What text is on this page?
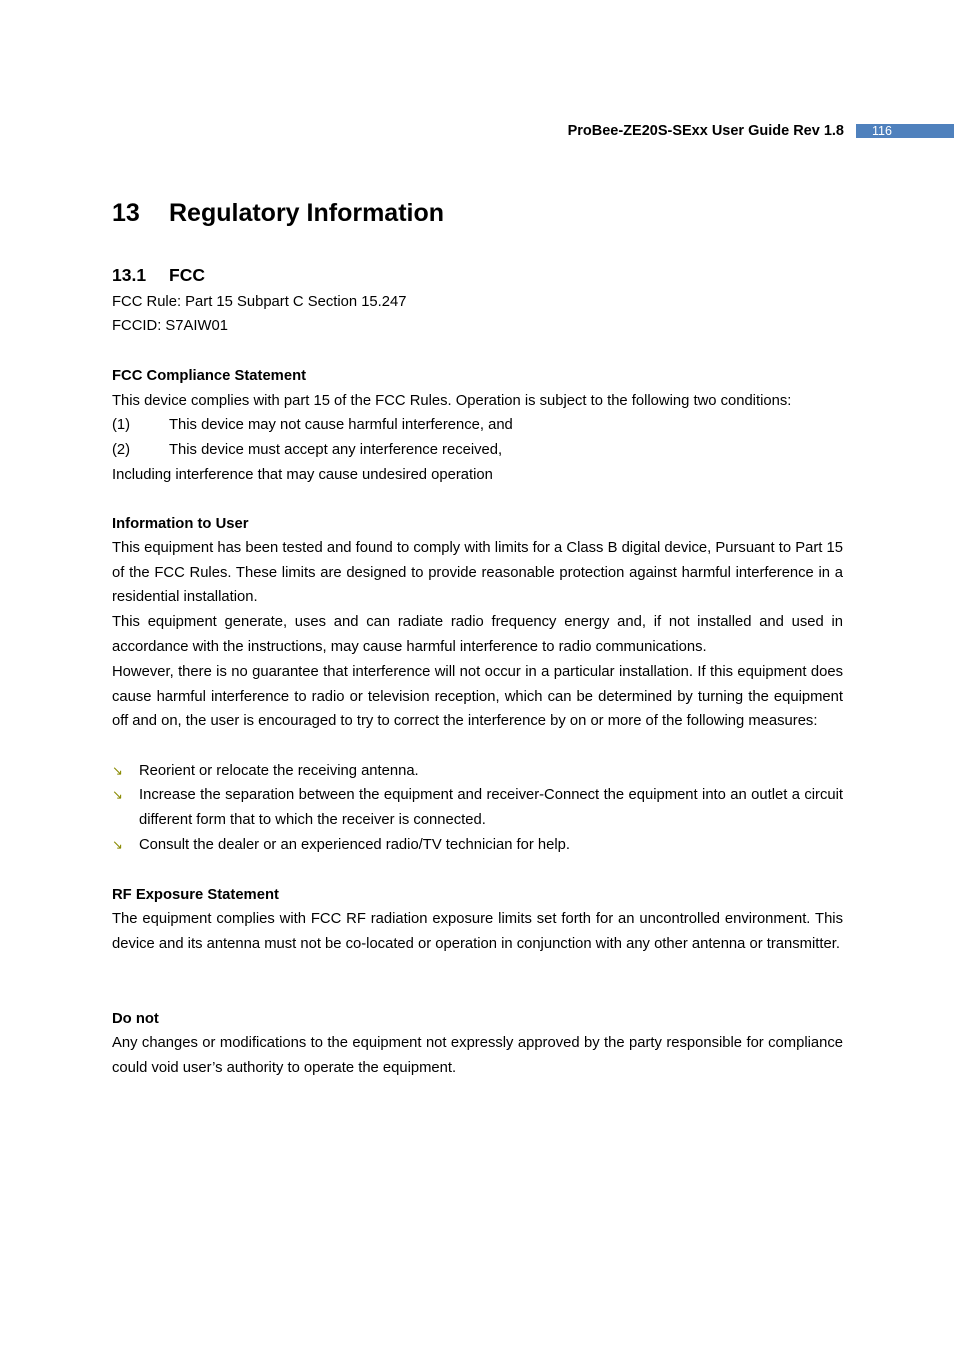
ProBee-ZE20S-SExx User Guide Rev 1.8	116
13 Regulatory Information
13.1 FCC
FCC Rule: Part 15 Subpart C Section 15.247
FCCID: S7AIW01
FCC Compliance Statement
This device complies with part 15 of the FCC Rules. Operation is subject to the following two conditions:
(1)	This device may not cause harmful interference, and
(2)	This device must accept any interference received,
Including interference that may cause undesired operation
Information to User
This equipment has been tested and found to comply with limits for a Class B digital device, Pursuant to Part 15 of the FCC Rules. These limits are designed to provide reasonable protection against harmful interference in a residential installation.
This equipment generate, uses and can radiate radio frequency energy and, if not installed and used in accordance with the instructions, may cause harmful interference to radio communications.
However, there is no guarantee that interference will not occur in a particular installation. If this equipment does cause harmful interference to radio or television reception, which can be determined by turning the equipment off and on, the user is encouraged to try to correct the interference by on or more of the following measures:
↘ Reorient or relocate the receiving antenna.
↘ Increase the separation between the equipment and receiver-Connect the equipment into an outlet a circuit different form that to which the receiver is connected.
↘ Consult the dealer or an experienced radio/TV technician for help.
RF Exposure Statement
The equipment complies with FCC RF radiation exposure limits set forth for an uncontrolled environment. This device and its antenna must not be co-located or operation in conjunction with any other antenna or transmitter.
Do not
Any changes or modifications to the equipment not expressly approved by the party responsible for compliance could void user’s authority to operate the equipment.
